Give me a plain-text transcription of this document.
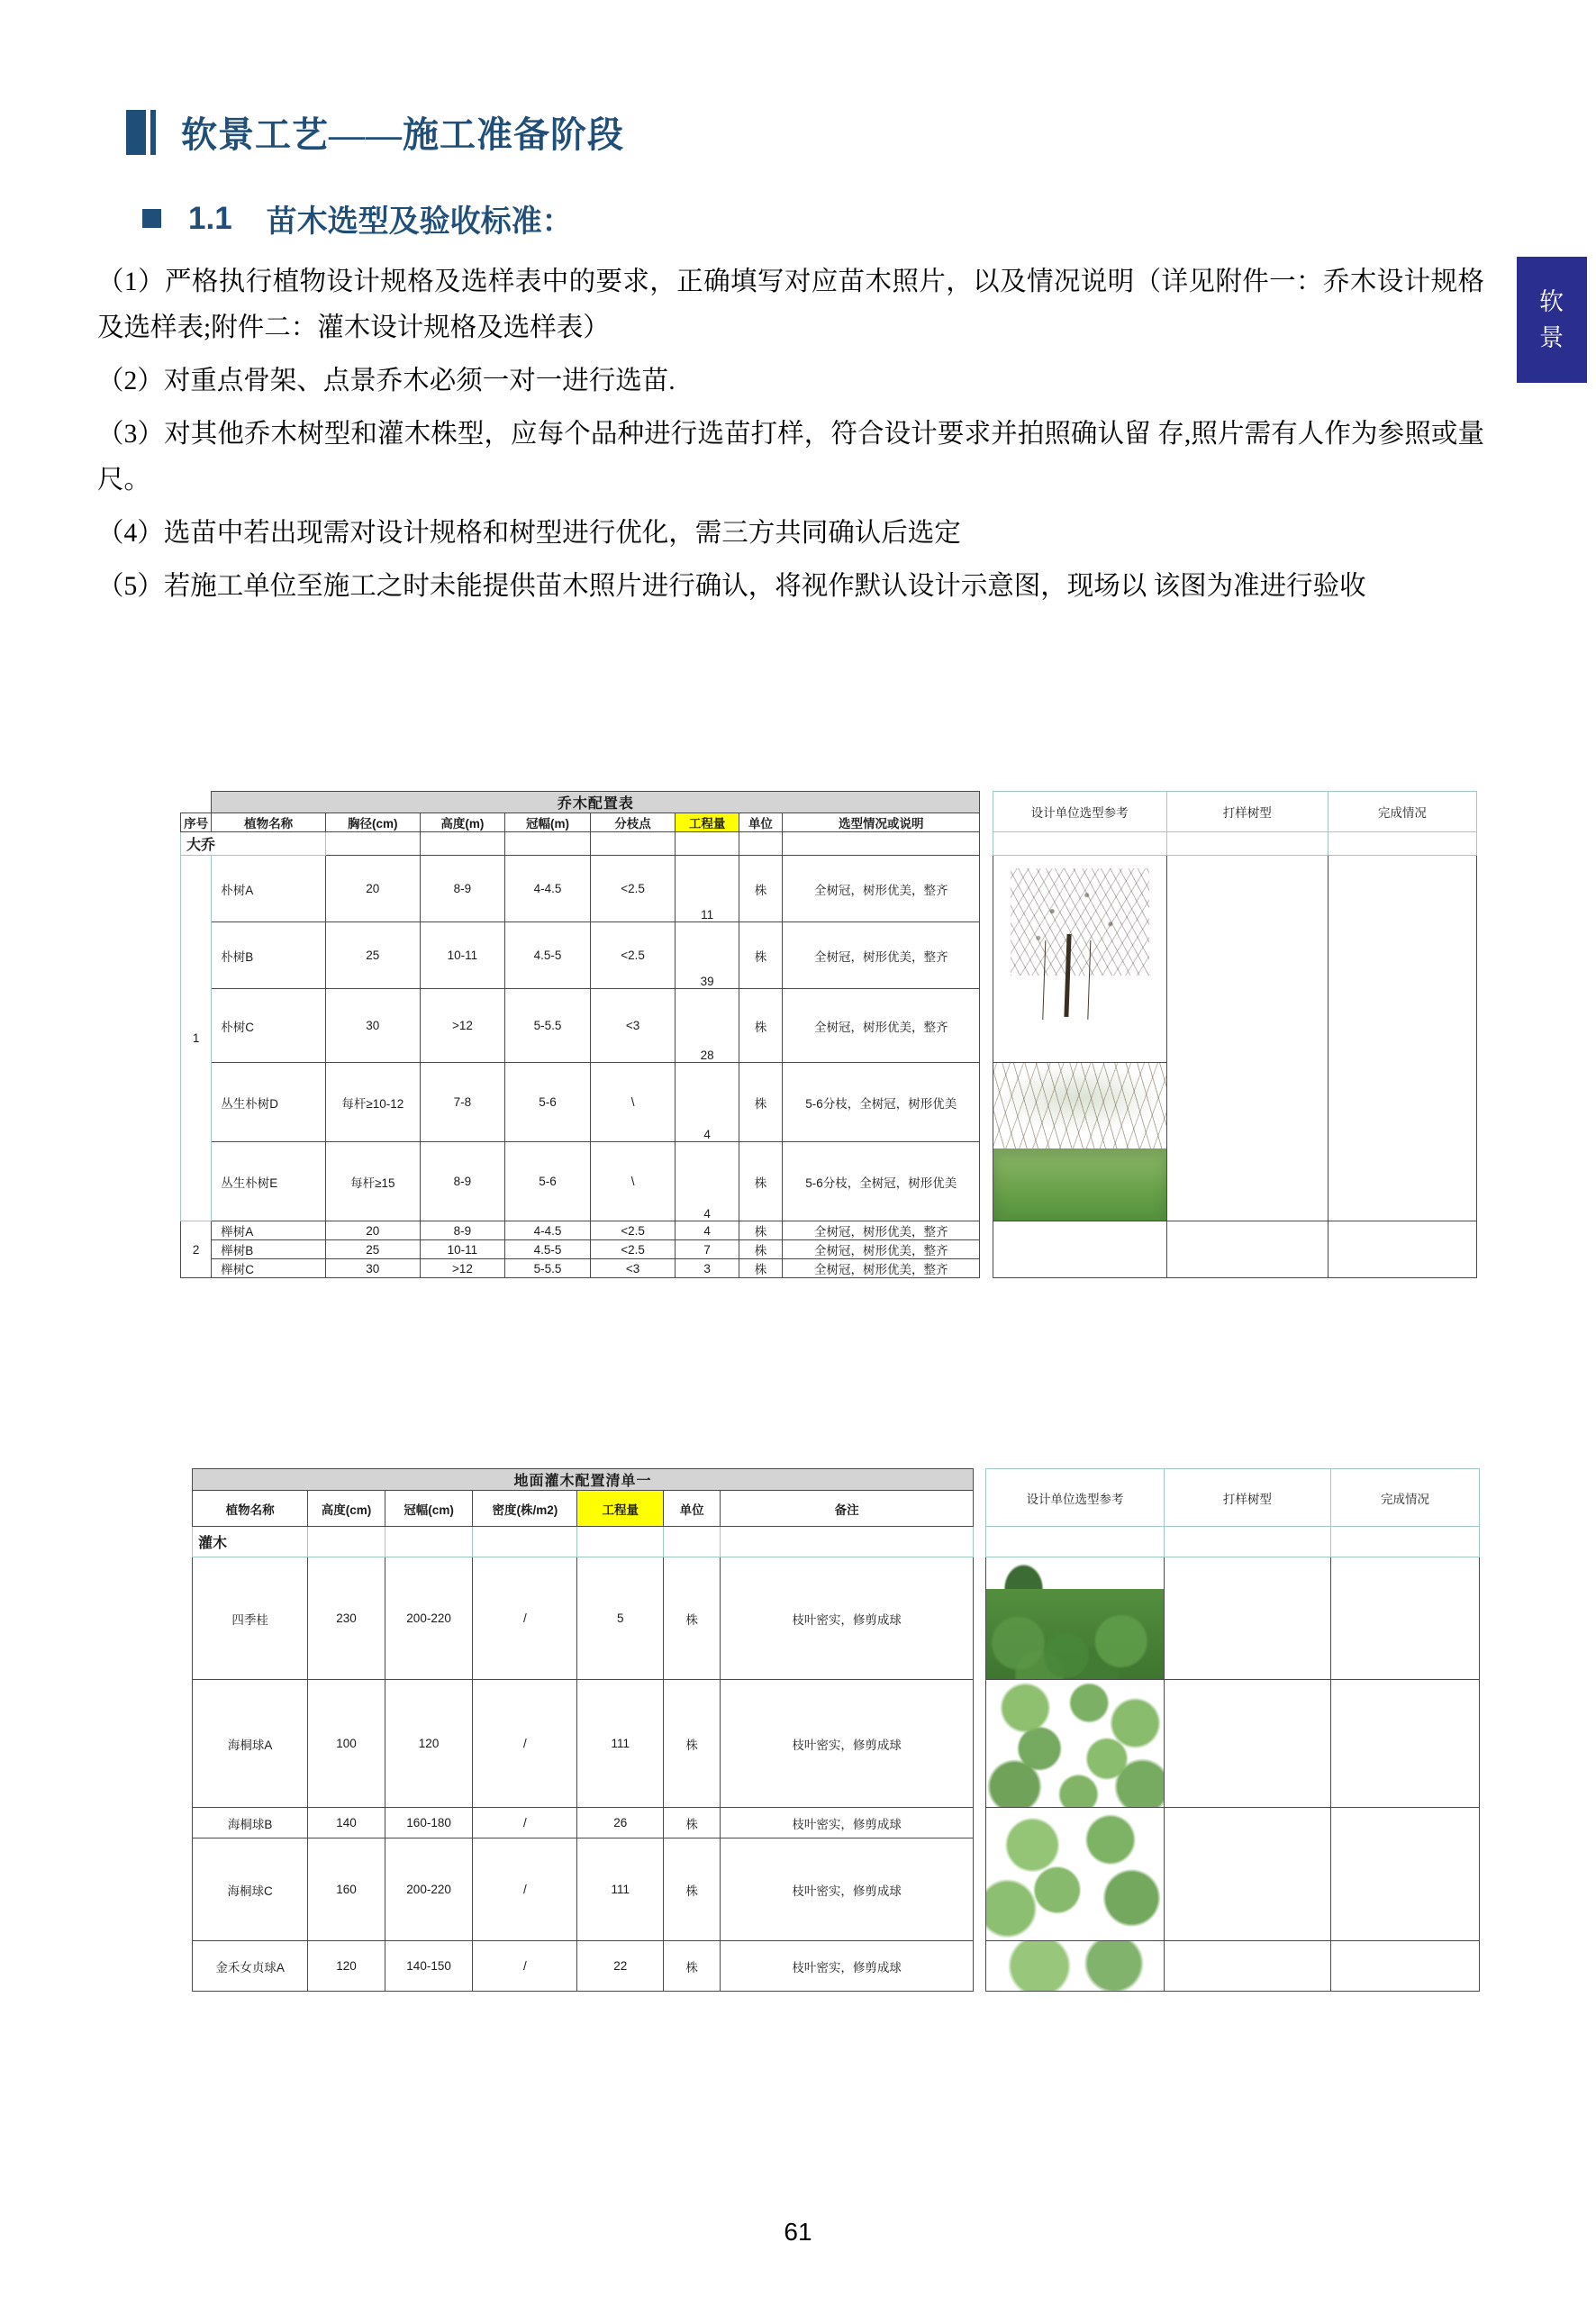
软景工艺——施工准备阶段
1.1 苗木选型及验收标准：

（1）严格执行植物设计规格及选样表中的要求，正确填写对应苗木照片，以及情况说明（详见附件一：乔木设计规格及选样表;附件二：灌木设计规格及选样表）

（2）对重点骨架、点景乔木必须一对一进行选苗.

（3）对其他乔木树型和灌木株型，应每个品种进行选苗打样，符合设计要求并拍照确认留 存,照片需有人作为参照或量尺。

（4）选苗中若出现需对设计规格和树型进行优化，需三方共同确认后选定

（5）若施工单位至施工之时未能提供苗木照片进行确认，将视作默认设计示意图，现场以 该图为准进行验收

软
景
	乔木配置表									设计单位选型参考	打样树型	完成情况
序号	植物名称	胸径(cm)	高度(m)	冠幅(m)	分枝点	工程量	单位	选型情况或说明				
大乔												
1	朴树A	20	8-9	4-4.5	<2.5	11	株	全树冠，树形优美，整齐		

	朴树B	25	10-11	4.5-5	<2.5	39	株	全树冠，树形优美，整齐				
	朴树C	30	>12	5-5.5	<3	28	株	全树冠，树形优美，整齐				
	丛生朴树D	每杆≥10-12	7-8	5-6	\	4	株	5-6分枝，全树冠，树形优美				

	丛生朴树E	每杆≥15	8-9	5-6	\	4	株	5-6分枝，全树冠，树形优美				
2	榉树A	20	8-9	4-4.5	<2.5	4	株	全树冠，树形优美，整齐				
	榉树B	25	10-11	4.5-5	<2.5	7	株	全树冠，树形优美，整齐				
	榉树C	30	>12	5-5.5	<3	3	株	全树冠，树形优美，整齐				
地面灌木配置清单一								设计单位选型参考	打样树型	完成情况
植物名称	高度(cm)	冠幅(cm)	密度(株/m2)	工程量	单位	备注				
灌木										
四季桂	230	200-220	/	5	株	枝叶密实，修剪成球		

海桐球A	100	120	/	111	株	枝叶密实，修剪成球		

海桐球B	140	160-180	/	26	株	枝叶密实，修剪成球		

海桐球C	160	200-220	/	111	株	枝叶密实，修剪成球				
金禾女贞球A	120	140-150	/	22	株	枝叶密实，修剪成球		

61
